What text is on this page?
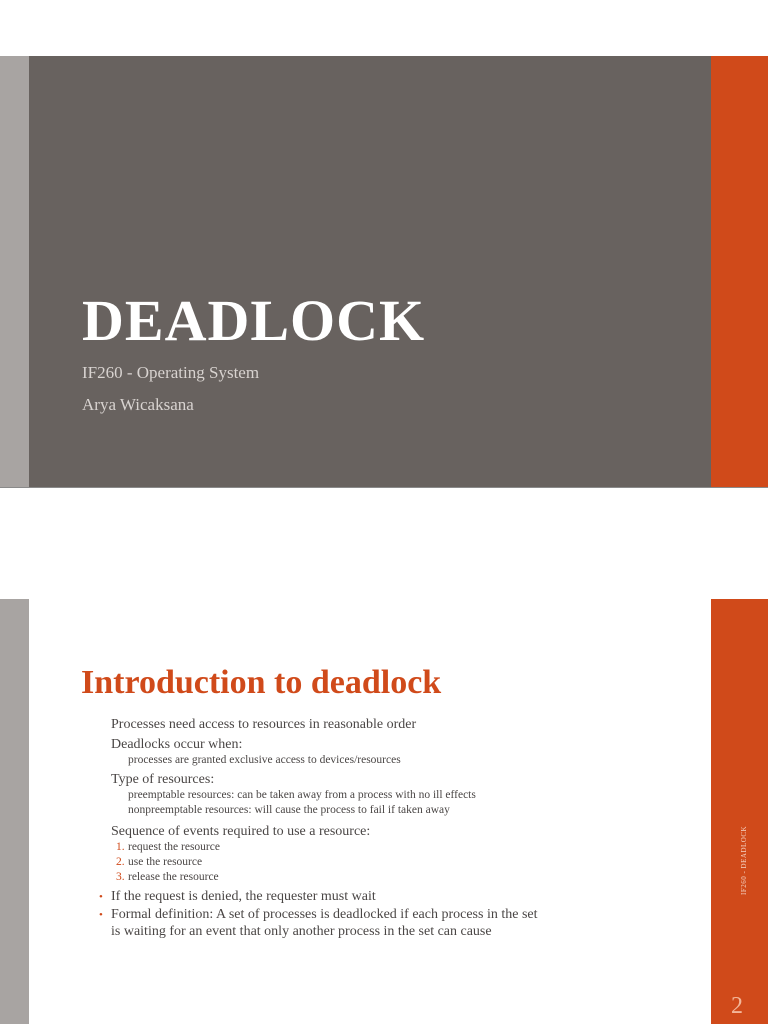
DEADLOCK
IF260 - Operating System
Arya Wicaksana
IF260 - DEADLOCK
2
Introduction to deadlock
Processes need access to resources in reasonable order
Deadlocks occur when:
processes are granted exclusive access to devices/resources
Type of resources:
preemptable resources: can be taken away from a process with no ill effects
nonpreemptable resources: will cause the process to fail if taken away
Sequence of events required to use a resource:
1. request the resource
2. use the resource
3. release the resource
• If the request is denied, the requester must wait
• Formal definition: A set of processes is deadlocked if each process in the set
is waiting for an event that only another process in the set can cause
